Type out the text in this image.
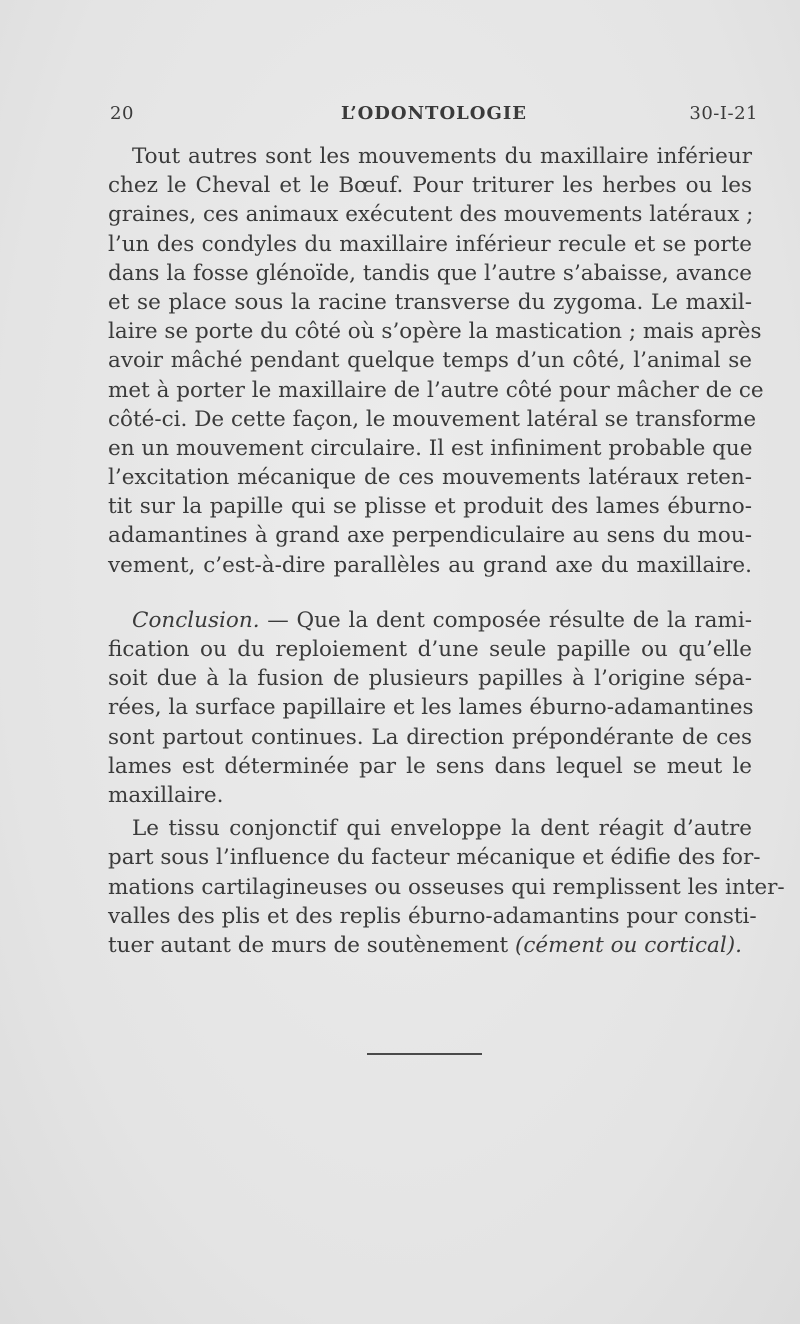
20	L’ODONTOLOGIE	30-I-21
Tout autres sont les mouvements du maxillaire inférieur
chez le Cheval et le Bœuf. Pour triturer les herbes ou les
graines, ces animaux exécutent des mouvements latéraux ;
l’un des condyles du maxillaire inférieur recule et se porte
dans la fosse glénoïde, tandis que l’autre s’abaisse, avance
et se place sous la racine transverse du zygoma. Le maxil-
laire se porte du côté où s’opère la mastication ; mais après
avoir mâché pendant quelque temps d’un côté, l’animal se
met à porter le maxillaire de l’autre côté pour mâcher de ce
côté-ci. De cette façon, le mouvement latéral se transforme
en un mouvement circulaire. Il est infiniment probable que
l’excitation mécanique de ces mouvements latéraux reten-
tit sur la papille qui se plisse et produit des lames éburno-
adamantines à grand axe perpendiculaire au sens du mou-
vement, c’est-à-dire parallèles au grand axe du maxillaire.
Conclusion. — Que la dent composée résulte de la rami-
fication ou du reploiement d’une seule papille ou qu’elle
soit due à la fusion de plusieurs papilles à l’origine sépa-
rées, la surface papillaire et les lames éburno-adamantines
sont partout continues. La direction prépondérante de ces
lames est déterminée par le sens dans lequel se meut le
maxillaire.
Le tissu conjonctif qui enveloppe la dent réagit d’autre
part sous l’influence du facteur mécanique et édifie des for-
mations cartilagineuses ou osseuses qui remplissent les inter-
valles des plis et des replis éburno-adamantins pour consti-
tuer autant de murs de soutènement (cément ou cortical).
